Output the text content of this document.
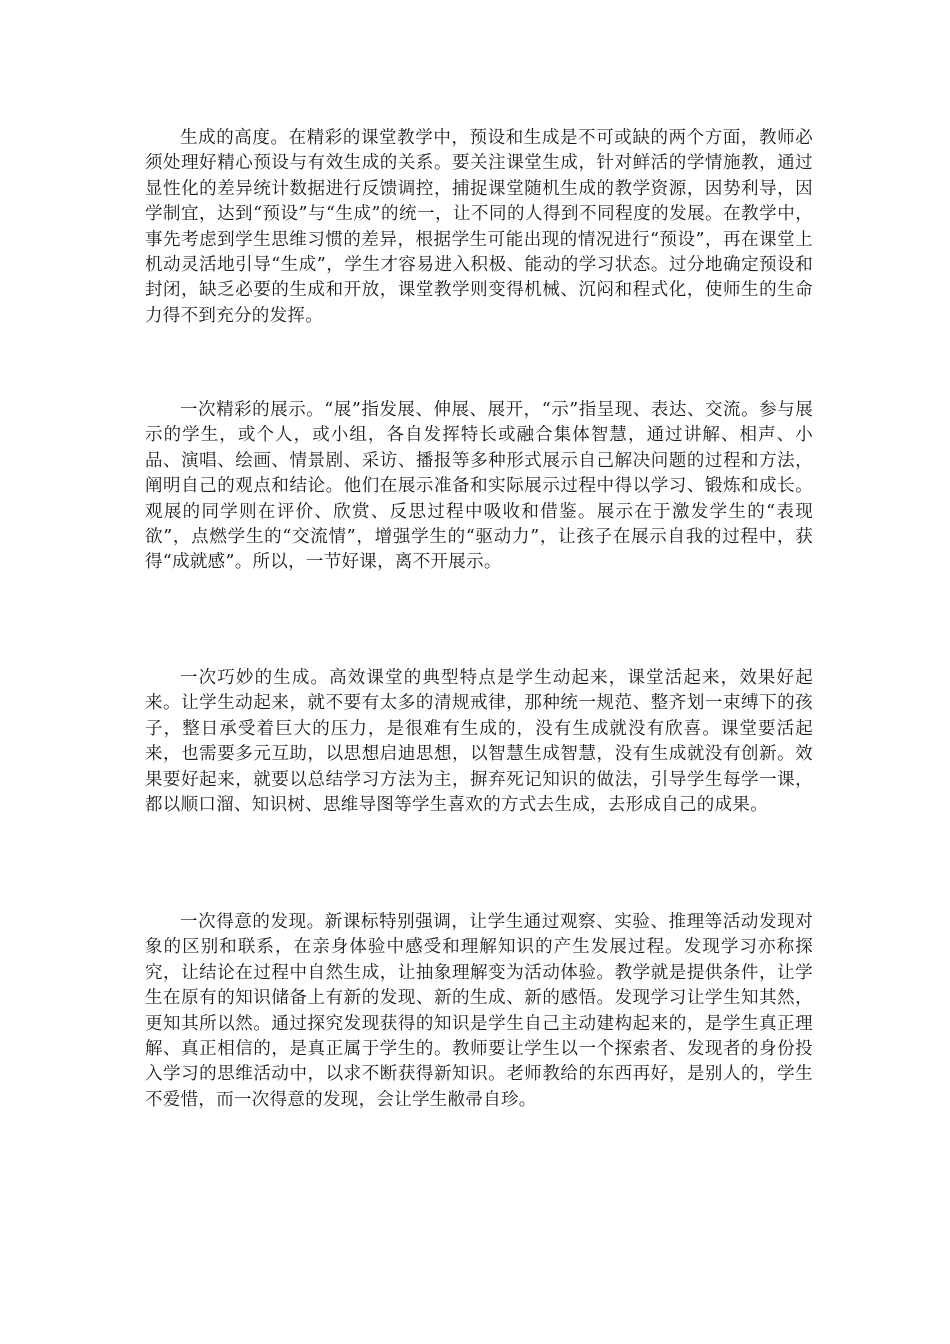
生成的高度。在精彩的课堂教学中，预设和生成是不可或缺的两个方面，教师必须处理好精心预设与有效生成的关系。要关注课堂生成，针对鲜活的学情施教，通过显性化的差异统计数据进行反馈调控，捕捉课堂随机生成的教学资源，因势利导，因学制宜，达到“预设”与“生成”的统一，让不同的人得到不同程度的发展。在教学中，事先考虑到学生思维习惯的差异，根据学生可能出现的情况进行“预设”，再在课堂上机动灵活地引导“生成”，学生才容易进入积极、能动的学习状态。过分地确定预设和封闭，缺乏必要的生成和开放，课堂教学则变得机械、沉闷和程式化，使师生的生命力得不到充分的发挥。

一次精彩的展示。“展”指发展、伸展、展开，“示”指呈现、表达、交流。参与展示的学生，或个人，或小组，各自发挥特长或融合集体智慧，通过讲解、相声、小品、演唱、绘画、情景剧、采访、播报等多种形式展示自己解决问题的过程和方法，阐明自己的观点和结论。他们在展示准备和实际展示过程中得以学习、锻炼和成长。观展的同学则在评价、欣赏、反思过程中吸收和借鉴。展示在于激发学生的“表现欲”，点燃学生的“交流情”，增强学生的“驱动力”，让孩子在展示自我的过程中，获得“成就感”。所以，一节好课，离不开展示。

一次巧妙的生成。高效课堂的典型特点是学生动起来，课堂活起来，效果好起来。让学生动起来，就不要有太多的清规戒律，那种统一规范、整齐划一束缚下的孩子，整日承受着巨大的压力，是很难有生成的，没有生成就没有欣喜。课堂要活起来，也需要多元互助，以思想启迪思想，以智慧生成智慧，没有生成就没有创新。效果要好起来，就要以总结学习方法为主，摒弃死记知识的做法，引导学生每学一课，都以顺口溜、知识树、思维导图等学生喜欢的方式去生成，去形成自己的成果。

一次得意的发现。新课标特别强调，让学生通过观察、实验、推理等活动发现对象的区别和联系，在亲身体验中感受和理解知识的产生发展过程。发现学习亦称探究，让结论在过程中自然生成，让抽象理解变为活动体验。教学就是提供条件，让学生在原有的知识储备上有新的发现、新的生成、新的感悟。发现学习让学生知其然，更知其所以然。通过探究发现获得的知识是学生自己主动建构起来的，是学生真正理解、真正相信的，是真正属于学生的。教师要让学生以一个探索者、发现者的身份投入学习的思维活动中，以求不断获得新知识。老师教给的东西再好，是别人的，学生不爱惜，而一次得意的发现，会让学生敝帚自珍。
